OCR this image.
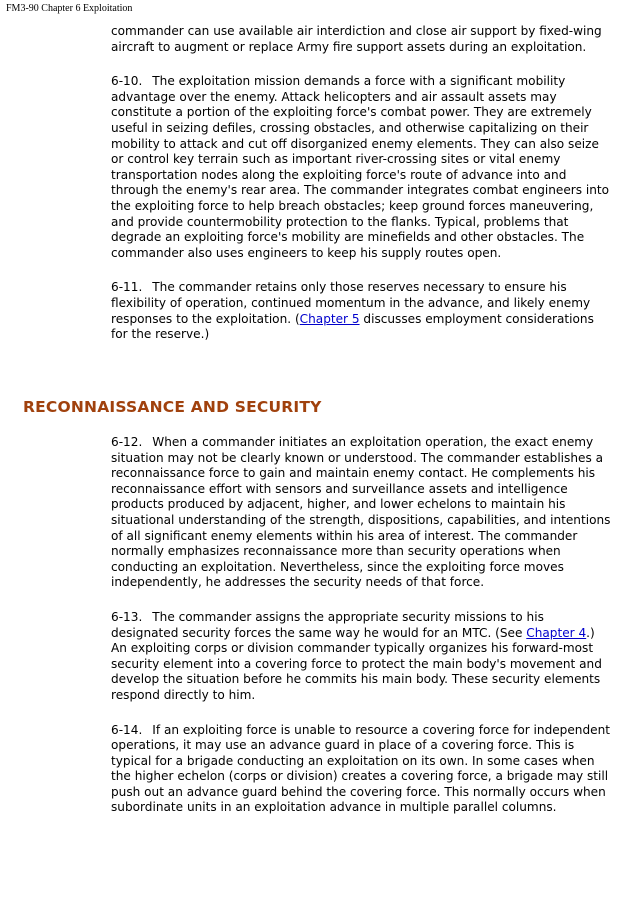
FM3-90 Chapter 6 Exploitation

commander can use available air interdiction and close air support by fixed-wing aircraft to augment or replace Army fire support assets during an exploitation.

6-10. The exploitation mission demands a force with a significant mobility advantage over the enemy. Attack helicopters and air assault assets may constitute a portion of the exploiting force's combat power. They are extremely useful in seizing defiles, crossing obstacles, and otherwise capitalizing on their mobility to attack and cut off disorganized enemy elements. They can also seize or control key terrain such as important river-crossing sites or vital enemy transportation nodes along the exploiting force's route of advance into and through the enemy's rear area. The commander integrates combat engineers into the exploiting force to help breach obstacles; keep ground forces maneuvering, and provide countermobility protection to the flanks. Typical, problems that degrade an exploiting force's mobility are minefields and other obstacles. The commander also uses engineers to keep his supply routes open.

6-11. The commander retains only those reserves necessary to ensure his flexibility of operation, continued momentum in the advance, and likely enemy responses to the exploitation. (Chapter 5 discusses employment considerations for the reserve.)

RECONNAISSANCE AND SECURITY

6-12. When a commander initiates an exploitation operation, the exact enemy situation may not be clearly known or understood. The commander establishes a reconnaissance force to gain and maintain enemy contact. He complements his reconnaissance effort with sensors and surveillance assets and intelligence products produced by adjacent, higher, and lower echelons to maintain his situational understanding of the strength, dispositions, capabilities, and intentions of all significant enemy elements within his area of interest. The commander normally emphasizes reconnaissance more than security operations when conducting an exploitation. Nevertheless, since the exploiting force moves independently, he addresses the security needs of that force.

6-13. The commander assigns the appropriate security missions to his designated security forces the same way he would for an MTC. (See Chapter 4.) An exploiting corps or division commander typically organizes his forward-most security element into a covering force to protect the main body's movement and develop the situation before he commits his main body. These security elements respond directly to him.

6-14. If an exploiting force is unable to resource a covering force for independent operations, it may use an advance guard in place of a covering force. This is typical for a brigade conducting an exploitation on its own. In some cases when the higher echelon (corps or division) creates a covering force, a brigade may still push out an advance guard behind the covering force. This normally occurs when subordinate units in an exploitation advance in multiple parallel columns.
